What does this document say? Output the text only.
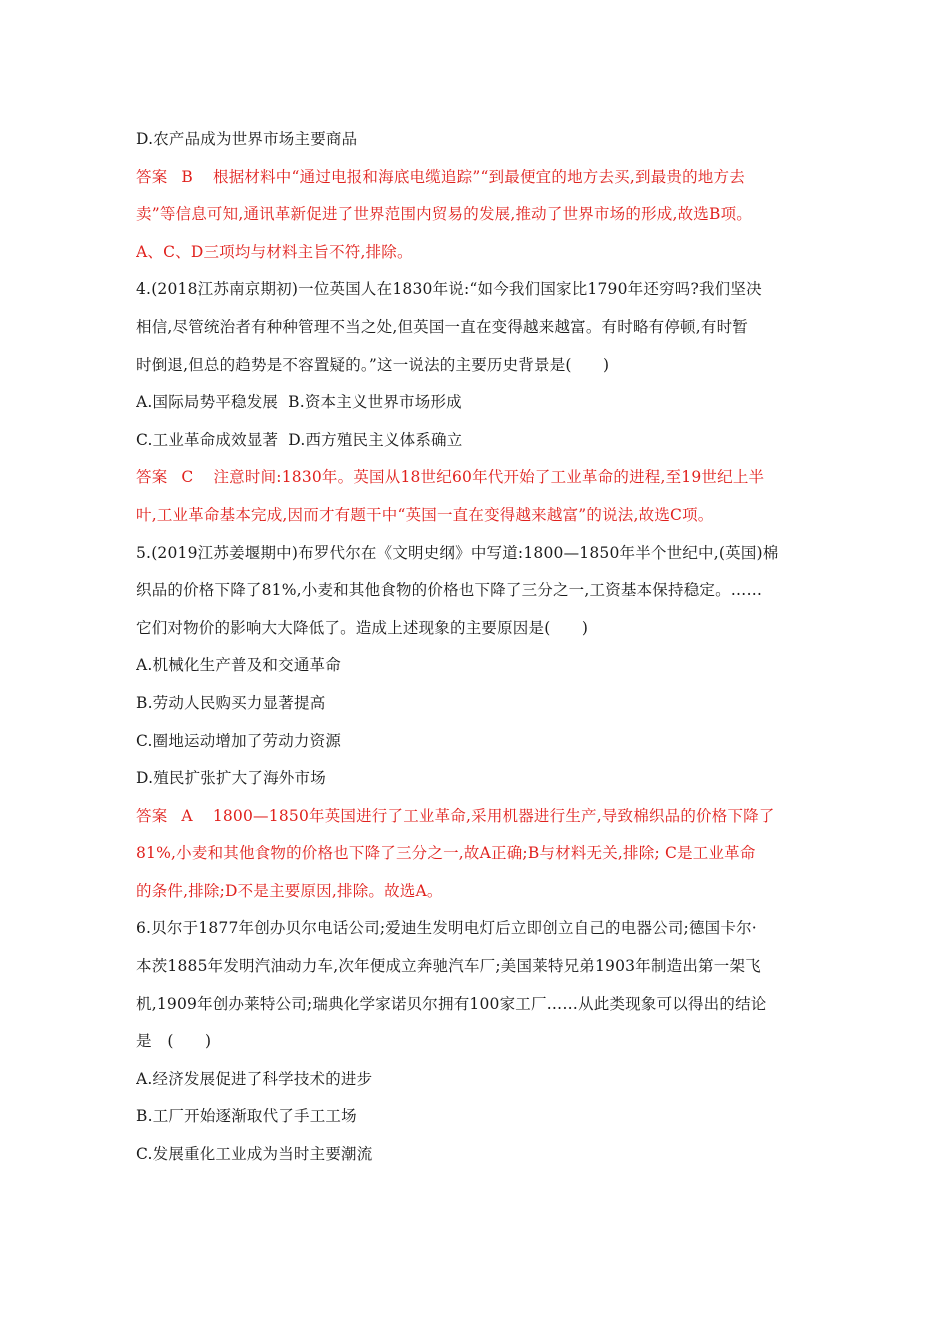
D.农产品成为世界市场主要商品
答案 B 根据材料中“通过电报和海底电缆追踪”“到最便宜的地方去买,到最贵的地方去
卖”等信息可知,通讯革新促进了世界范围内贸易的发展,推动了世界市场的形成,故选B项。
A、C、D三项均与材料主旨不符,排除。
4.(2018江苏南京期初)一位英国人在1830年说:“如今我们国家比1790年还穷吗?我们坚决
相信,尽管统治者有种种管理不当之处,但英国一直在变得越来越富。有时略有停顿,有时暂
时倒退,但总的趋势是不容置疑的。”这一说法的主要历史背景是(　　)
A.国际局势平稳发展 B.资本主义世界市场形成
C.工业革命成效显著 D.西方殖民主义体系确立
答案 C 注意时间:1830年。英国从18世纪60年代开始了工业革命的进程,至19世纪上半
叶,工业革命基本完成,因而才有题干中“英国一直在变得越来越富”的说法,故选C项。
5.(2019江苏姜堰期中)布罗代尔在《文明史纲》中写道:1800—1850年半个世纪中,(英国)棉
织品的价格下降了81%,小麦和其他食物的价格也下降了三分之一,工资基本保持稳定。……
它们对物价的影响大大降低了。造成上述现象的主要原因是(　　)
A.机械化生产普及和交通革命
B.劳动人民购买力显著提高
C.圈地运动增加了劳动力资源
D.殖民扩张扩大了海外市场
答案 A 1800—1850年英国进行了工业革命,采用机器进行生产,导致棉织品的价格下降了
81%,小麦和其他食物的价格也下降了三分之一,故A正确;B与材料无关,排除; C是工业革命
的条件,排除;D不是主要原因,排除。故选A。
6.贝尔于1877年创办贝尔电话公司;爱迪生发明电灯后立即创立自己的电器公司;德国卡尔·
本茨1885年发明汽油动力车,次年便成立奔驰汽车厂;美国莱特兄弟1903年制造出第一架飞
机,1909年创办莱特公司;瑞典化学家诺贝尔拥有100家工厂……从此类现象可以得出的结论
是　(　　)
A.经济发展促进了科学技术的进步
B.工厂开始逐渐取代了手工工场
C.发展重化工业成为当时主要潮流
